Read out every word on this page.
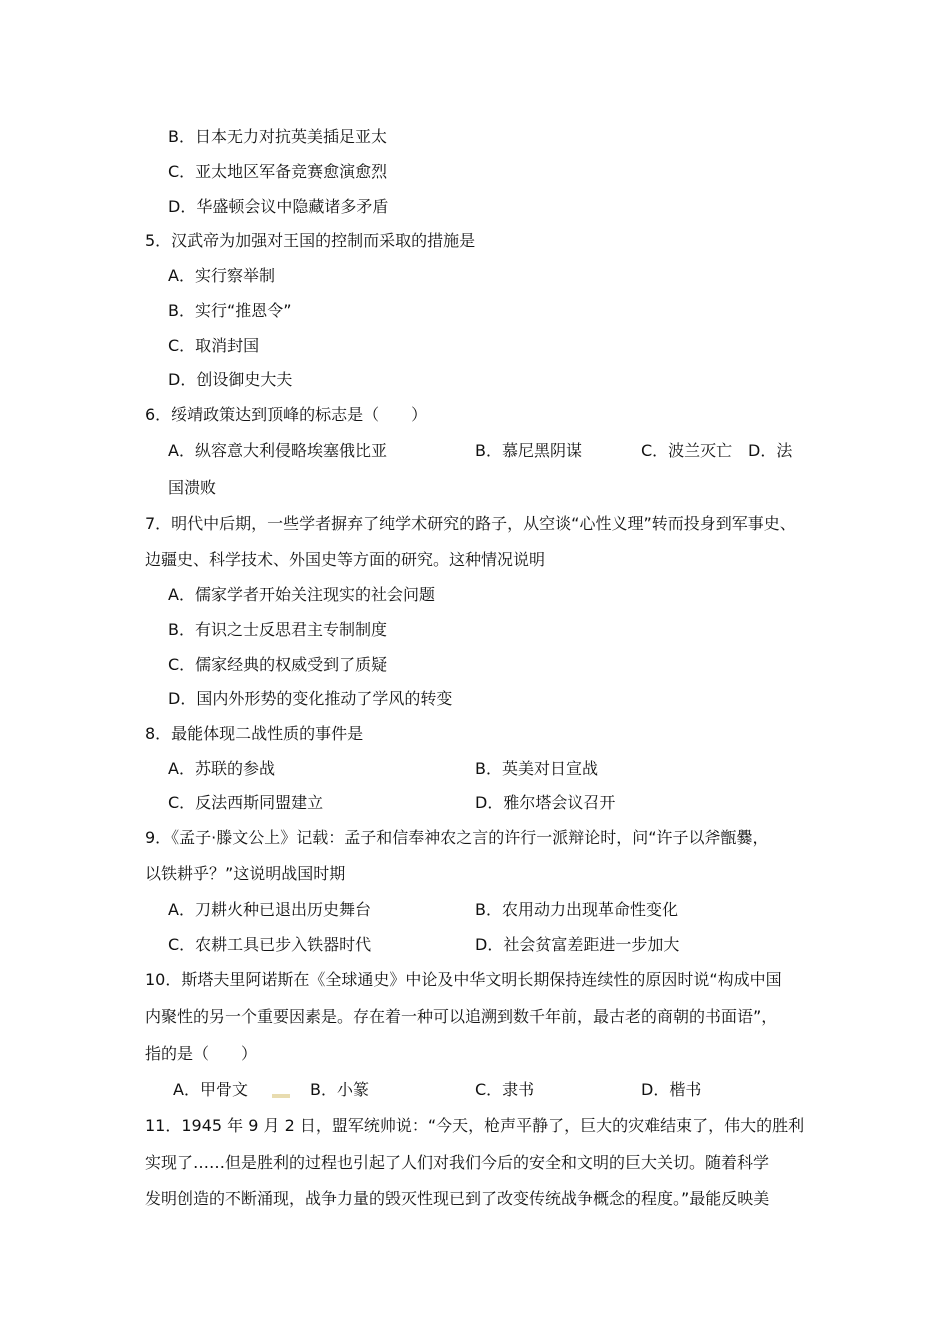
B．日本无力对抗英美插足亚太
C．亚太地区军备竞赛愈演愈烈
D．华盛顿会议中隐藏诸多矛盾
5．汉武帝为加强对王国的控制而采取的措施是
A．实行察举制
B．实行“推恩令”
C．取消封国
D．创设御史大夫
6．绥靖政策达到顶峰的标志是（　　）
A．纵容意大利侵略埃塞俄比亚	B．慕尼黑阴谋	C．波兰灭亡 D．法
国溃败
7．明代中后期，一些学者摒弃了纯学术研究的路子，从空谈“心性义理”转而投身到军事史、
边疆史、科学技术、外国史等方面的研究。这种情况说明
A．儒家学者开始关注现实的社会问题
B．有识之士反思君主专制制度
C．儒家经典的权威受到了质疑
D．国内外形势的变化推动了学风的转变
8．最能体现二战性质的事件是
A．苏联的参战	B．英美对日宣战
C．反法西斯同盟建立	D．雅尔塔会议召开
9．《孟子·滕文公上》记载：孟子和信奉神农之言的许行一派辩论时，问“许子以斧甑爨，
以铁耕乎？”这说明战国时期
A．刀耕火种已退出历史舞台	B．农用动力出现革命性变化
C．农耕工具已步入铁器时代	D．社会贫富差距进一步加大
10．斯塔夫里阿诺斯在《全球通史》中论及中华文明长期保持连续性的原因时说“构成中国
内聚性的另一个重要因素是。存在着一种可以追溯到数千年前，最古老的商朝的书面语”，
指的是（　　）
A．甲骨文	B．小篆	C．隶书	D．楷书
11．1945 年 9 月 2 日，盟军统帅说：“今天，枪声平静了，巨大的灾难结束了，伟大的胜利
实现了……但是胜利的过程也引起了人们对我们今后的安全和文明的巨大关切。随着科学
发明创造的不断涌现，战争力量的毁灭性现已到了改变传统战争概念的程度。”最能反映美
